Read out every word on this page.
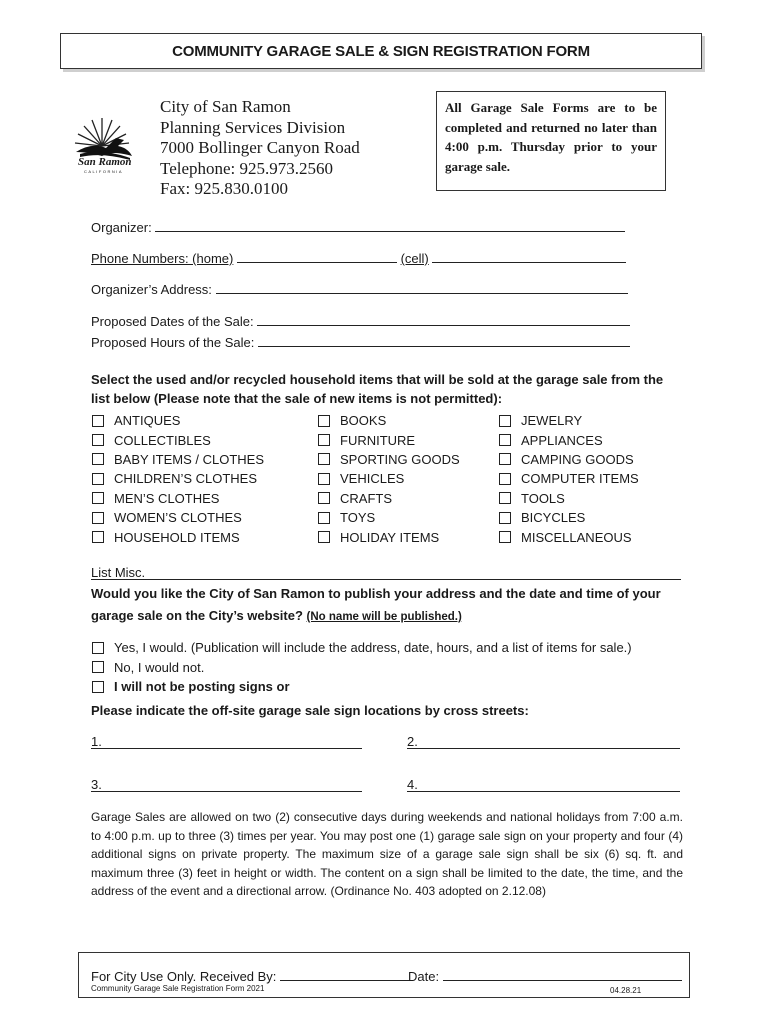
COMMUNITY GARAGE SALE & SIGN REGISTRATION FORM
San Ramon
CALIFORNIA
City of San Ramon
Planning Services Division
7000 Bollinger Canyon Road
Telephone: 925.973.2560
Fax: 925.830.0100
All Garage Sale Forms are to be completed and returned no later than 4:00 p.m. Thursday prior to your garage sale.
Organizer:
Phone Numbers: (home)	(cell)
Organizer’s Address:
Proposed Dates of the Sale:
Proposed Hours of the Sale:
Select the used and/or recycled household items that will be sold at the garage sale from the list below (Please note that the sale of new items is not permitted):
ANTIQUES
COLLECTIBLES
BABY ITEMS / CLOTHES
CHILDREN’S CLOTHES
MEN’S CLOTHES
WOMEN’S CLOTHES
HOUSEHOLD ITEMS
BOOKS
FURNITURE
SPORTING GOODS
VEHICLES
CRAFTS
TOYS
HOLIDAY ITEMS
JEWELRY
APPLIANCES
CAMPING GOODS
COMPUTER ITEMS
TOOLS
BICYCLES
MISCELLANEOUS
List Misc.
Would you like the City of San Ramon to publish your address and the date and time of your garage sale on the City’s website? (No name will be published.)
Yes, I would. (Publication will include the address, date, hours, and a list of items for sale.)
No, I would not.
I will not be posting signs or
Please indicate the off-site garage sale sign locations by cross streets:
1.	2.
3.	4.
Garage Sales are allowed on two (2) consecutive days during weekends and national holidays from 7:00 a.m. to 4:00 p.m. up to three (3) times per year. You may post one (1) garage sale sign on your property and four (4) additional signs on private property. The maximum size of a garage sale sign shall be six (6) sq. ft. and maximum three (3) feet in height or width. The content on a sign shall be limited to the date, the time, and the address of the event and a directional arrow. (Ordinance No. 403 adopted on 2.12.08)
For City Use Only. Received By:	Date:
Community Garage Sale Registration Form 2021	04.28.21
